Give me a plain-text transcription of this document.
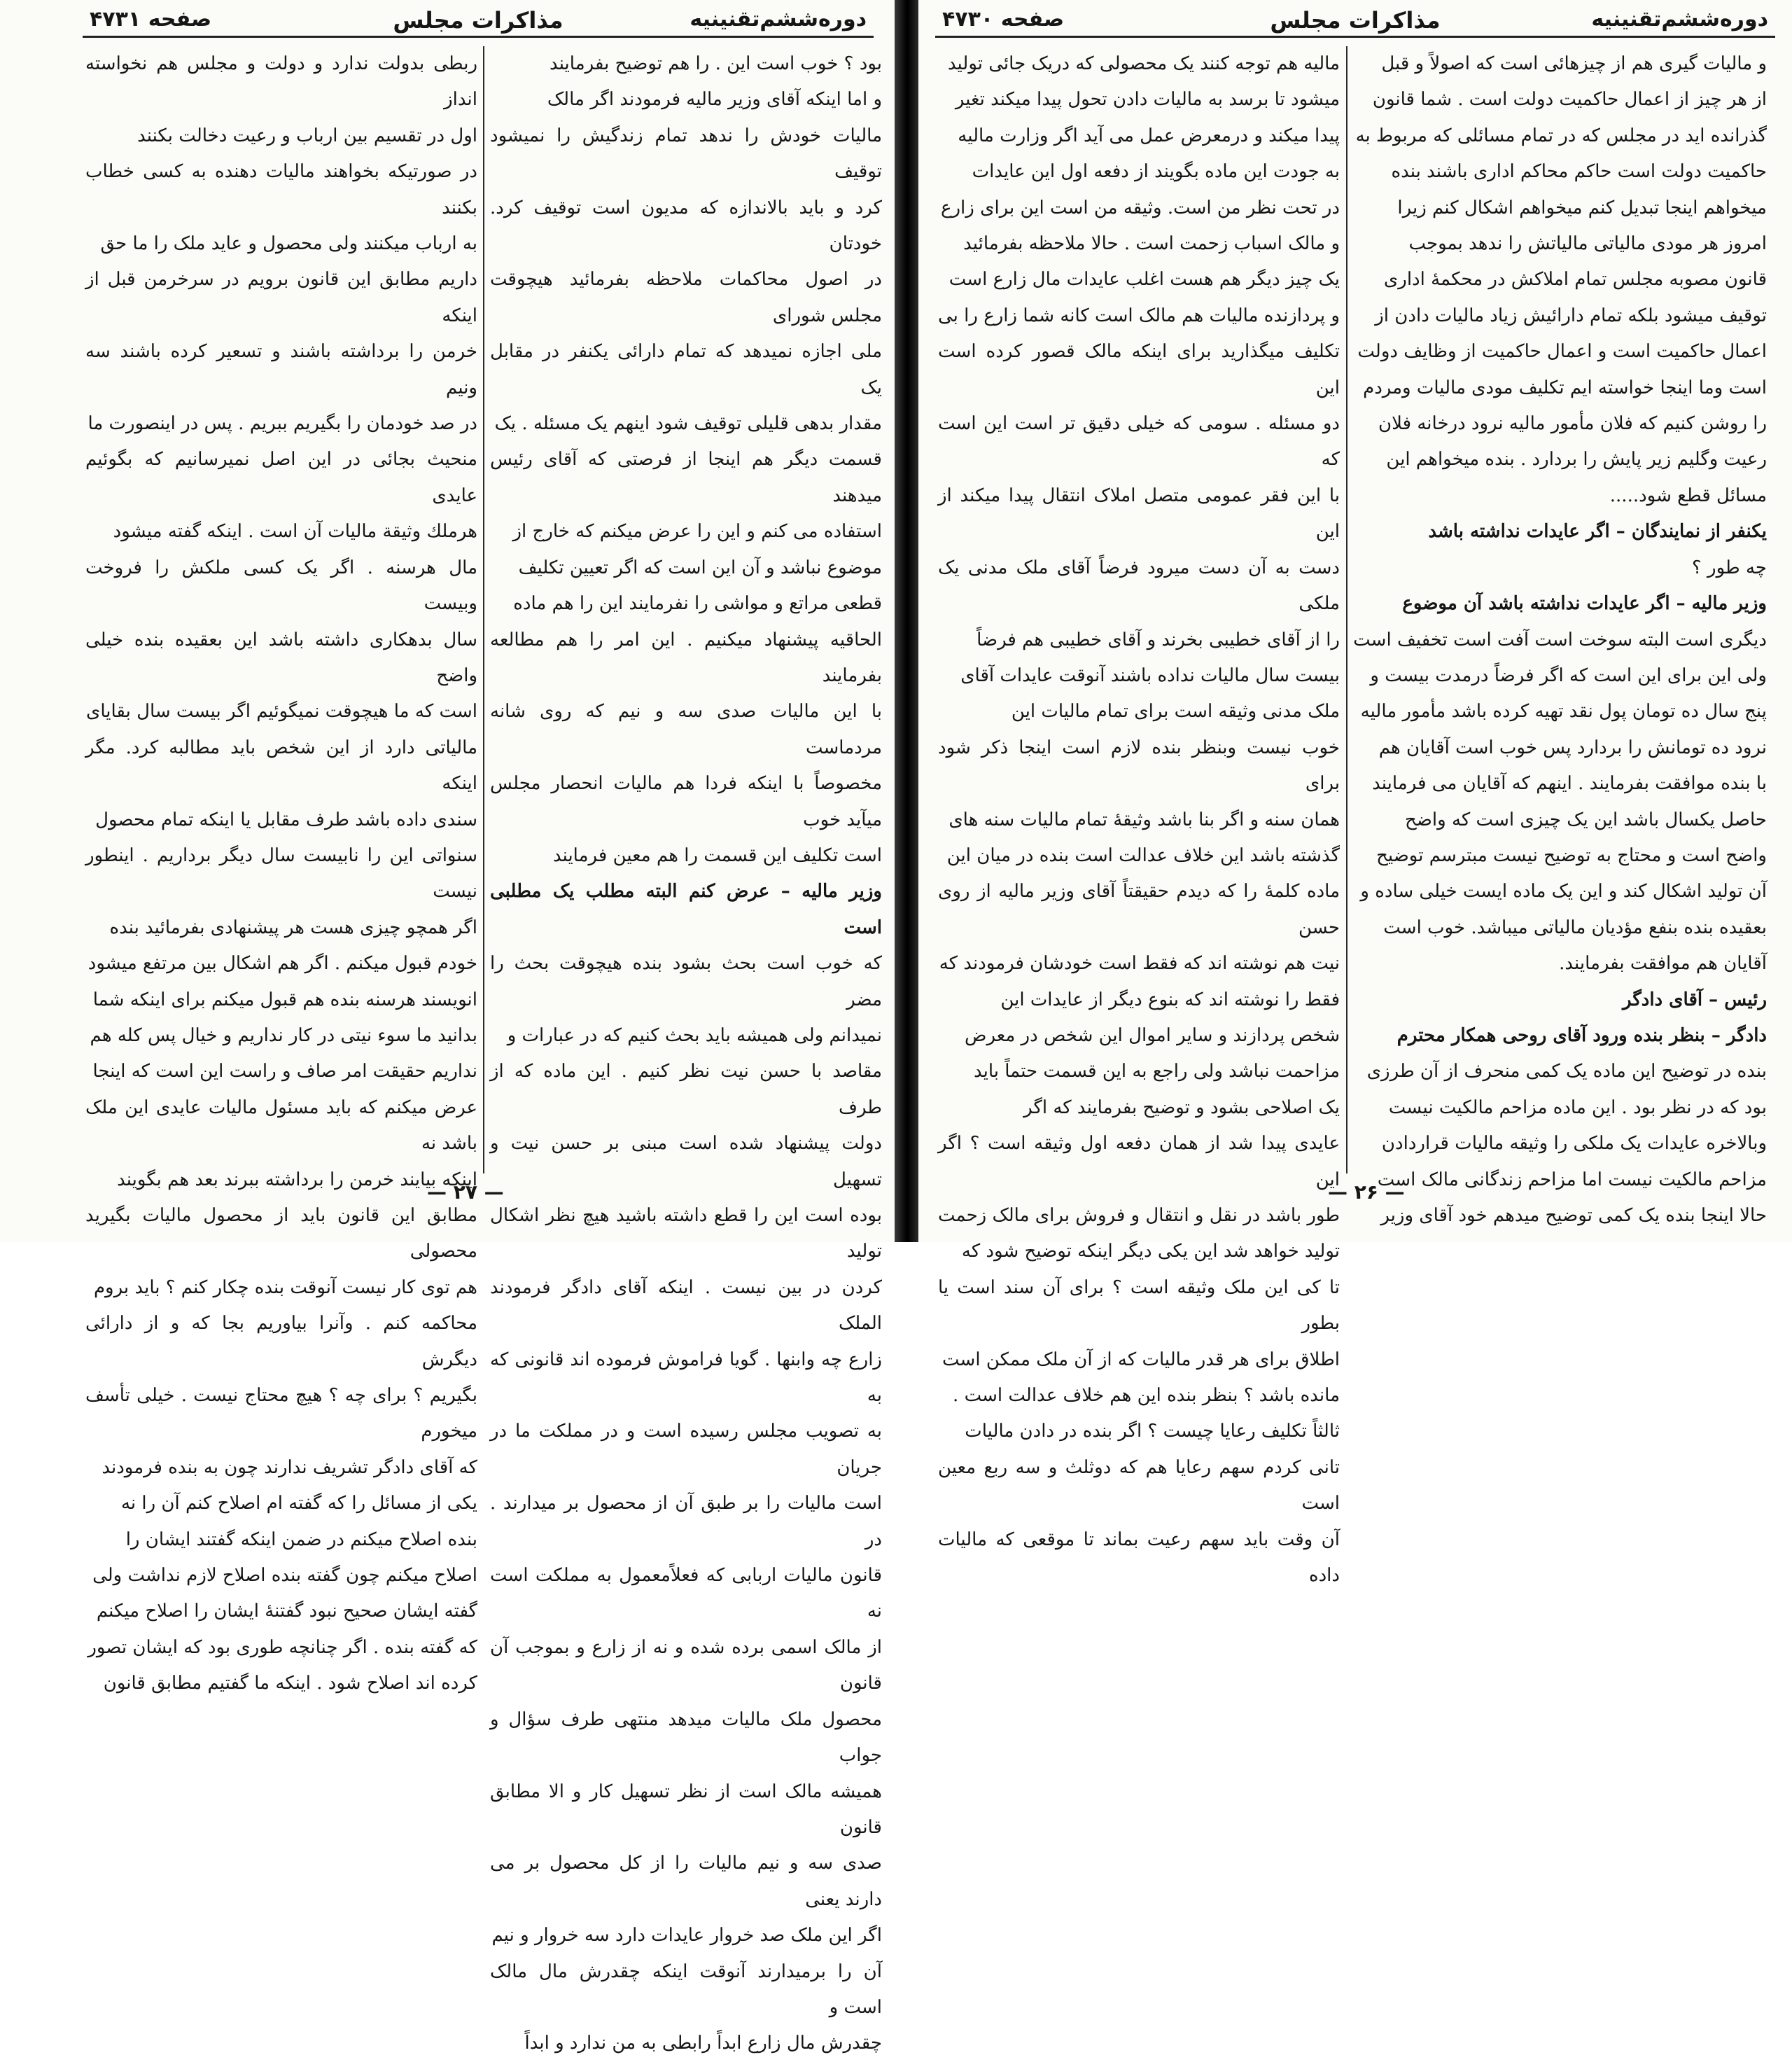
دوره‌ششم‌تقنینیه
مذاکرات مجلس
صفحه ۴۷۳۱

بود ؟ خوب است این . را هم توضیح بفرمایند

و اما اینکه آقای وزیر مالیه فرمودند اگر مالک

مالیات خودش را ندهد تمام زندگیش را نمیشود توقیف

کرد و باید بالاندازه که مدیون است توقیف کرد. خودتان

در اصول محاکمات ملاحظه بفرمائید هیچوقت مجلس شورای

ملی اجازه نمیدهد که تمام دارائی یکنفر در مقابل یک

مقدار بدهی قلیلی توقیف شود اینهم یک مسئله . یک

قسمت دیگر هم اینجا از فرصتی که آقای رئیس میدهند

استفاده می کنم و این را عرض میکنم که خارج از

موضوع نباشد و آن این است که اگر تعیین تکلیف

قطعی مراتع و مواشی را نفرمایند این را هم ماده

الحاقیه پیشنهاد میکنیم . این امر را هم مطالعه بفرمایند

با این مالیات صدی سه و نیم که روی شانه مردماست

مخصوصاً با اینکه فردا هم مالیات انحصار مجلس میآید خوب

است تکلیف این قسمت را هم معین فرمایند

وزیر مالیه – عرض کنم البته مطلب یک مطلبی است

که خوب است بحث بشود بنده هیچوقت بحث را مضر

نمیدانم ولی همیشه باید بحث کنیم که در عبارات و

مقاصد با حسن نیت نظر کنیم . این ماده که از طرف

دولت پیشنهاد شده است مبنی بر حسن نیت و تسهیل

بوده است این را قطع داشته باشید هیچ نظر اشکال تولید

کردن در بین نیست . اینکه آقای دادگر فرمودند الملک

زارع چه وابنها . گویا فراموش فرموده اند قانونی که به

به تصویب مجلس رسیده است و در مملکت ما در جریان

است مالیات را بر طبق آن از محصول بر میدارند . در

قانون مالیات اربابی که فعلاًمعمول به مملکت است نه

از مالک اسمی برده شده و نه از زارع و بموجب آن قانون

محصول ملک مالیات میدهد منتهی طرف سؤال و جواب

همیشه مالک است از نظر تسهیل کار و الا مطابق قانون

صدی سه و نیم مالیات را از کل محصول بر می دارند یعنی

اگر این ملک صد خروار عایدات دارد سه خروار و نیم

آن را برمیدارند آنوقت اینکه چقدرش مال مالک است و

چقدرش مال زارع ابداً رابطی به من ندارد و ابداً

ربطی بدولت ندارد و دولت و مجلس هم نخواسته انداز

اول در تقسیم بین ارباب و رعیت دخالت بکنند

در صورتیکه بخواهند مالیات دهنده به کسی خطاب بکنند

به ارباب میکنند ولی محصول و عاید ملک را ما حق

داریم مطابق این قانون برویم در سرخرمن قبل از اینکه

خرمن را برداشته باشند و تسعیر کرده باشند سه ونیم

در صد خودمان را بگیریم ببریم . پس در اینصورت ما

منحیث بجائی در این اصل نمیرسانیم که بگوئیم عایدی

هرملك وثيقة مالیات آن است . اینکه گفته میشود

مال هرسنه . اگر یک کسی ملکش را فروخت وبیست

سال بدهکاری داشته باشد این بعقیده بنده خیلی واضح

است که ما هیچوقت نمیگوئیم اگر بیست سال بقایای

مالیاتی دارد از این شخص باید مطالبه کرد. مگر اینکه

سندی داده باشد طرف مقابل یا اینکه تمام محصول

سنواتی این را نابیست سال دیگر برداریم . اینطور نیست

اگر همچو چیزی هست هر پیشنهادی بفرمائید بنده

خودم قبول میکنم . اگر هم اشکال بین مرتفع میشود

انویسند هرسنه بنده هم قبول میکنم برای اینکه شما

بدانید ما سوء نیتی در کار نداریم و خیال پس کله هم

نداریم حقیقت امر صاف و راست این است که اینجا

عرض میکنم که باید مسئول مالیات عایدی این ملک باشد نه

اینکه بیایند خرمن را برداشته ببرند بعد هم بگویند

مطابق این قانون باید از محصول مالیات بگیرید محصولی

هم توی کار نیست آنوقت بنده چکار کنم ؟ باید بروم

محاکمه کنم . وآنرا بیاوریم بجا که و از دارائی دیگرش

بگیریم ؟ برای چه ؟ هیچ محتاج نیست . خیلی تأسف میخورم

که آقای دادگر تشریف ندارند چون به بنده فرمودند

یکی از مسائل را که گفته ام اصلاح کنم آن را نه

بنده اصلاح میکنم در ضمن اینکه گفتند ایشان را

اصلاح میکنم چون گفته بنده اصلاح لازم نداشت ولی

گفته ایشان صحیح نبود گفتنهٔ ایشان را اصلاح میکنم

که گفته بنده . اگر چنانچه طوری بود که ایشان تصور

کرده اند اصلاح شود . اینکه ما گفتیم مطابق قانون

— ۲۷ —
دوره‌ششم‌تقنینیه
مذاکرات مجلس
صفحه ۴۷۳۰

و مالیات گیری هم از چیزهائی است که اصولاً و قبل

از هر چیز از اعمال حاکمیت دولت است . شما قانون

گذرانده اید در مجلس که در تمام مسائلی که مربوط به

حاکمیت دولت است حاکم محاکم اداری باشند بنده

میخواهم اینجا تبدیل کنم میخواهم اشکال کنم زیرا

امروز هر مودی مالیاتی مالیاتش را ندهد بموجب

قانون مصوبه مجلس تمام املاکش در محکمهٔ اداری

توقیف میشود بلکه تمام دارائیش زیاد مالیات دادن از

اعمال حاکمیت است و اعمال حاکمیت از وظایف دولت

است وما اینجا خواسته ایم تکلیف مودی مالیات ومردم

را روشن کنیم که فلان مأمور مالیه نرود درخانه فلان

رعیت وگلیم زیر پایش را بردارد . بنده میخواهم این

مسائل قطع شود.....

یکنفر از نمایندگان – اگر عایدات نداشته باشد

چه طور ؟

وزیر مالیه – اگر عایدات نداشته باشد آن موضوع

دیگری است البته سوخت است آفت است تخفیف است

ولی این برای این است که اگر فرضاً درمدت بیست و

پنج سال ده تومان پول نقد تهیه کرده باشد مأمور مالیه

نرود ده تومانش را بردارد پس خوب است آقایان هم

با بنده موافقت بفرمایند . اینهم که آقایان می فرمایند

حاصل یکسال باشد این یک چیزی است که واضح

واضح است و محتاج به توضیح نیست مبترسم توضیح

آن تولید اشکال کند و این یک ماده ایست خیلی ساده و

بعقیده بنده بنفع مؤدیان مالیاتی میباشد. خوب است

آقایان هم موافقت بفرمایند.

رئیس – آقای دادگر

دادگر – بنظر بنده ورود آقای روحی همکار محترم

بنده در توضیح این ماده یک کمی منحرف از آن طرزی

بود که در نظر بود . این ماده مزاحم مالکیت نیست

وبالاخره عایدات یک ملکی را وثیقه مالیات قراردادن

مزاحم مالکیت نیست اما مزاحم زندگانی مالک است

حالا اینجا بنده یک کمی توضیح میدهم خود آقای وزیر

مالیه هم توجه کنند یک محصولی که دریک جائی تولید

میشود تا برسد به مالیات دادن تحول پیدا میکند تغیر

پیدا میکند و درمعرض عمل می آید اگر وزارت مالیه

به جودت این ماده بگویند از دفعه اول این عایدات

در تحت نظر من است. وثیقه من است این برای زارع

و مالک اسباب زحمت است . حالا ملاحظه بفرمائید

یک چیز دیگر هم هست اغلب عایدات مال زارع است

و پردازنده مالیات هم مالک است کانه شما زارع را بی

تکلیف میگذارید برای اینکه مالک قصور کرده است این

دو مسئله . سومی که خیلی دقیق تر است این است که

با این فقر عمومی متصل املاک انتقال پیدا میکند از این

دست به آن دست میرود فرضاً آقای ملک مدنی یک ملکی

را از آقای خطیبی بخرند و آقای خطیبی هم فرضاً

بیست سال مالیات نداده باشند آنوقت عایدات آقای

ملک مدنی وثیقه است برای تمام مالیات این

خوب نیست وبنظر بنده لازم است اینجا ذکر شود برای

همان سنه و اگر بنا باشد وثیقهٔ تمام مالیات سنه های

گذشته باشد این خلاف عدالت است بنده در میان این

ماده کلمهٔ را که دیدم حقیقتاً آقای وزیر مالیه از روی حسن

نیت هم نوشته اند که فقط است خودشان فرمودند که

فقط را نوشته اند که بنوع دیگر از عایدات این

شخص پردازند و سایر اموال این شخص در معرض

مزاحمت نباشد ولی راجع به این قسمت حتماً باید

یک اصلاحی بشود و توضیح بفرمایند که اگر

عایدی پیدا شد از همان دفعه اول وثیقه است ؟ اگر این

طور باشد در نقل و انتقال و فروش برای مالک زحمت

تولید خواهد شد این یکی دیگر اینکه توضیح شود که

تا کی این ملک وثیقه است ؟ برای آن سند است یا بطور

اطلاق برای هر قدر مالیات که از آن ملک ممکن است

مانده باشد ؟ بنظر بنده این هم خلاف عدالت است .

ثالثاً تکلیف رعایا چیست ؟ اگر بنده در دادن مالیات

تانی کردم سهم رعایا هم که دوثلث و سه ربع معین است

آن وقت باید سهم رعیت بماند تا موقعی که مالیات داده

— ۲۶ —
